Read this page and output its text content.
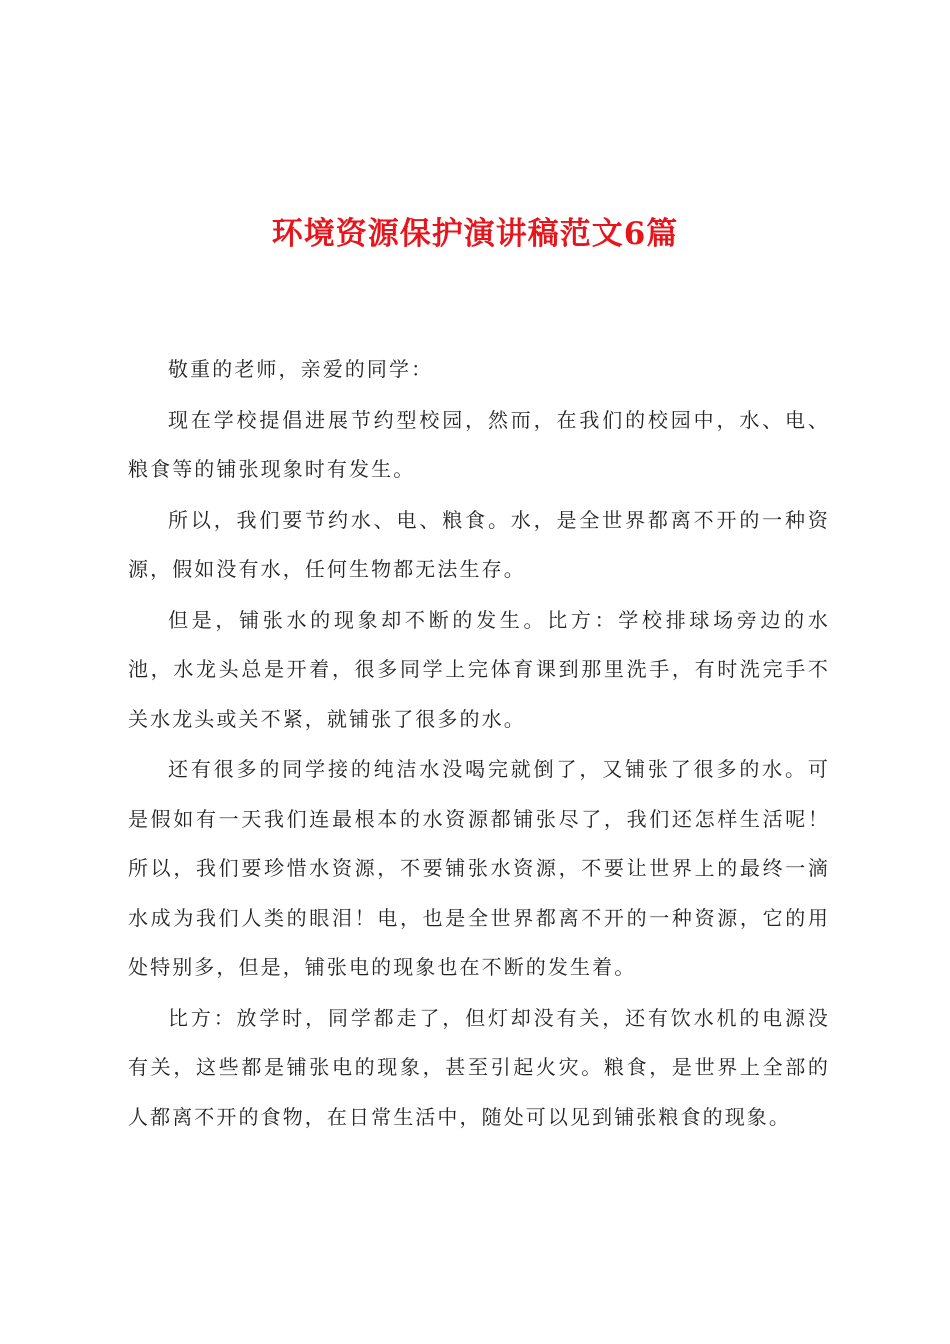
环境资源保护演讲稿范文6篇

敬重的老师，亲爱的同学：

现在学校提倡进展节约型校园，然而，在我们的校园中，水、电、粮食等的铺张现象时有发生。

所以，我们要节约水、电、粮食。水，是全世界都离不开的一种资源，假如没有水，任何生物都无法生存。

但是，铺张水的现象却不断的发生。比方：学校排球场旁边的水池，水龙头总是开着，很多同学上完体育课到那里洗手，有时洗完手不关水龙头或关不紧，就铺张了很多的水。

还有很多的同学接的纯洁水没喝完就倒了，又铺张了很多的水。可是假如有一天我们连最根本的水资源都铺张尽了，我们还怎样生活呢！所以，我们要珍惜水资源，不要铺张水资源，不要让世界上的最终一滴水成为我们人类的眼泪！电，也是全世界都离不开的一种资源，它的用处特别多，但是，铺张电的现象也在不断的发生着。

比方：放学时，同学都走了，但灯却没有关，还有饮水机的电源没有关，这些都是铺张电的现象，甚至引起火灾。粮食，是世界上全部的人都离不开的食物，在日常生活中，随处可以见到铺张粮食的现象。
